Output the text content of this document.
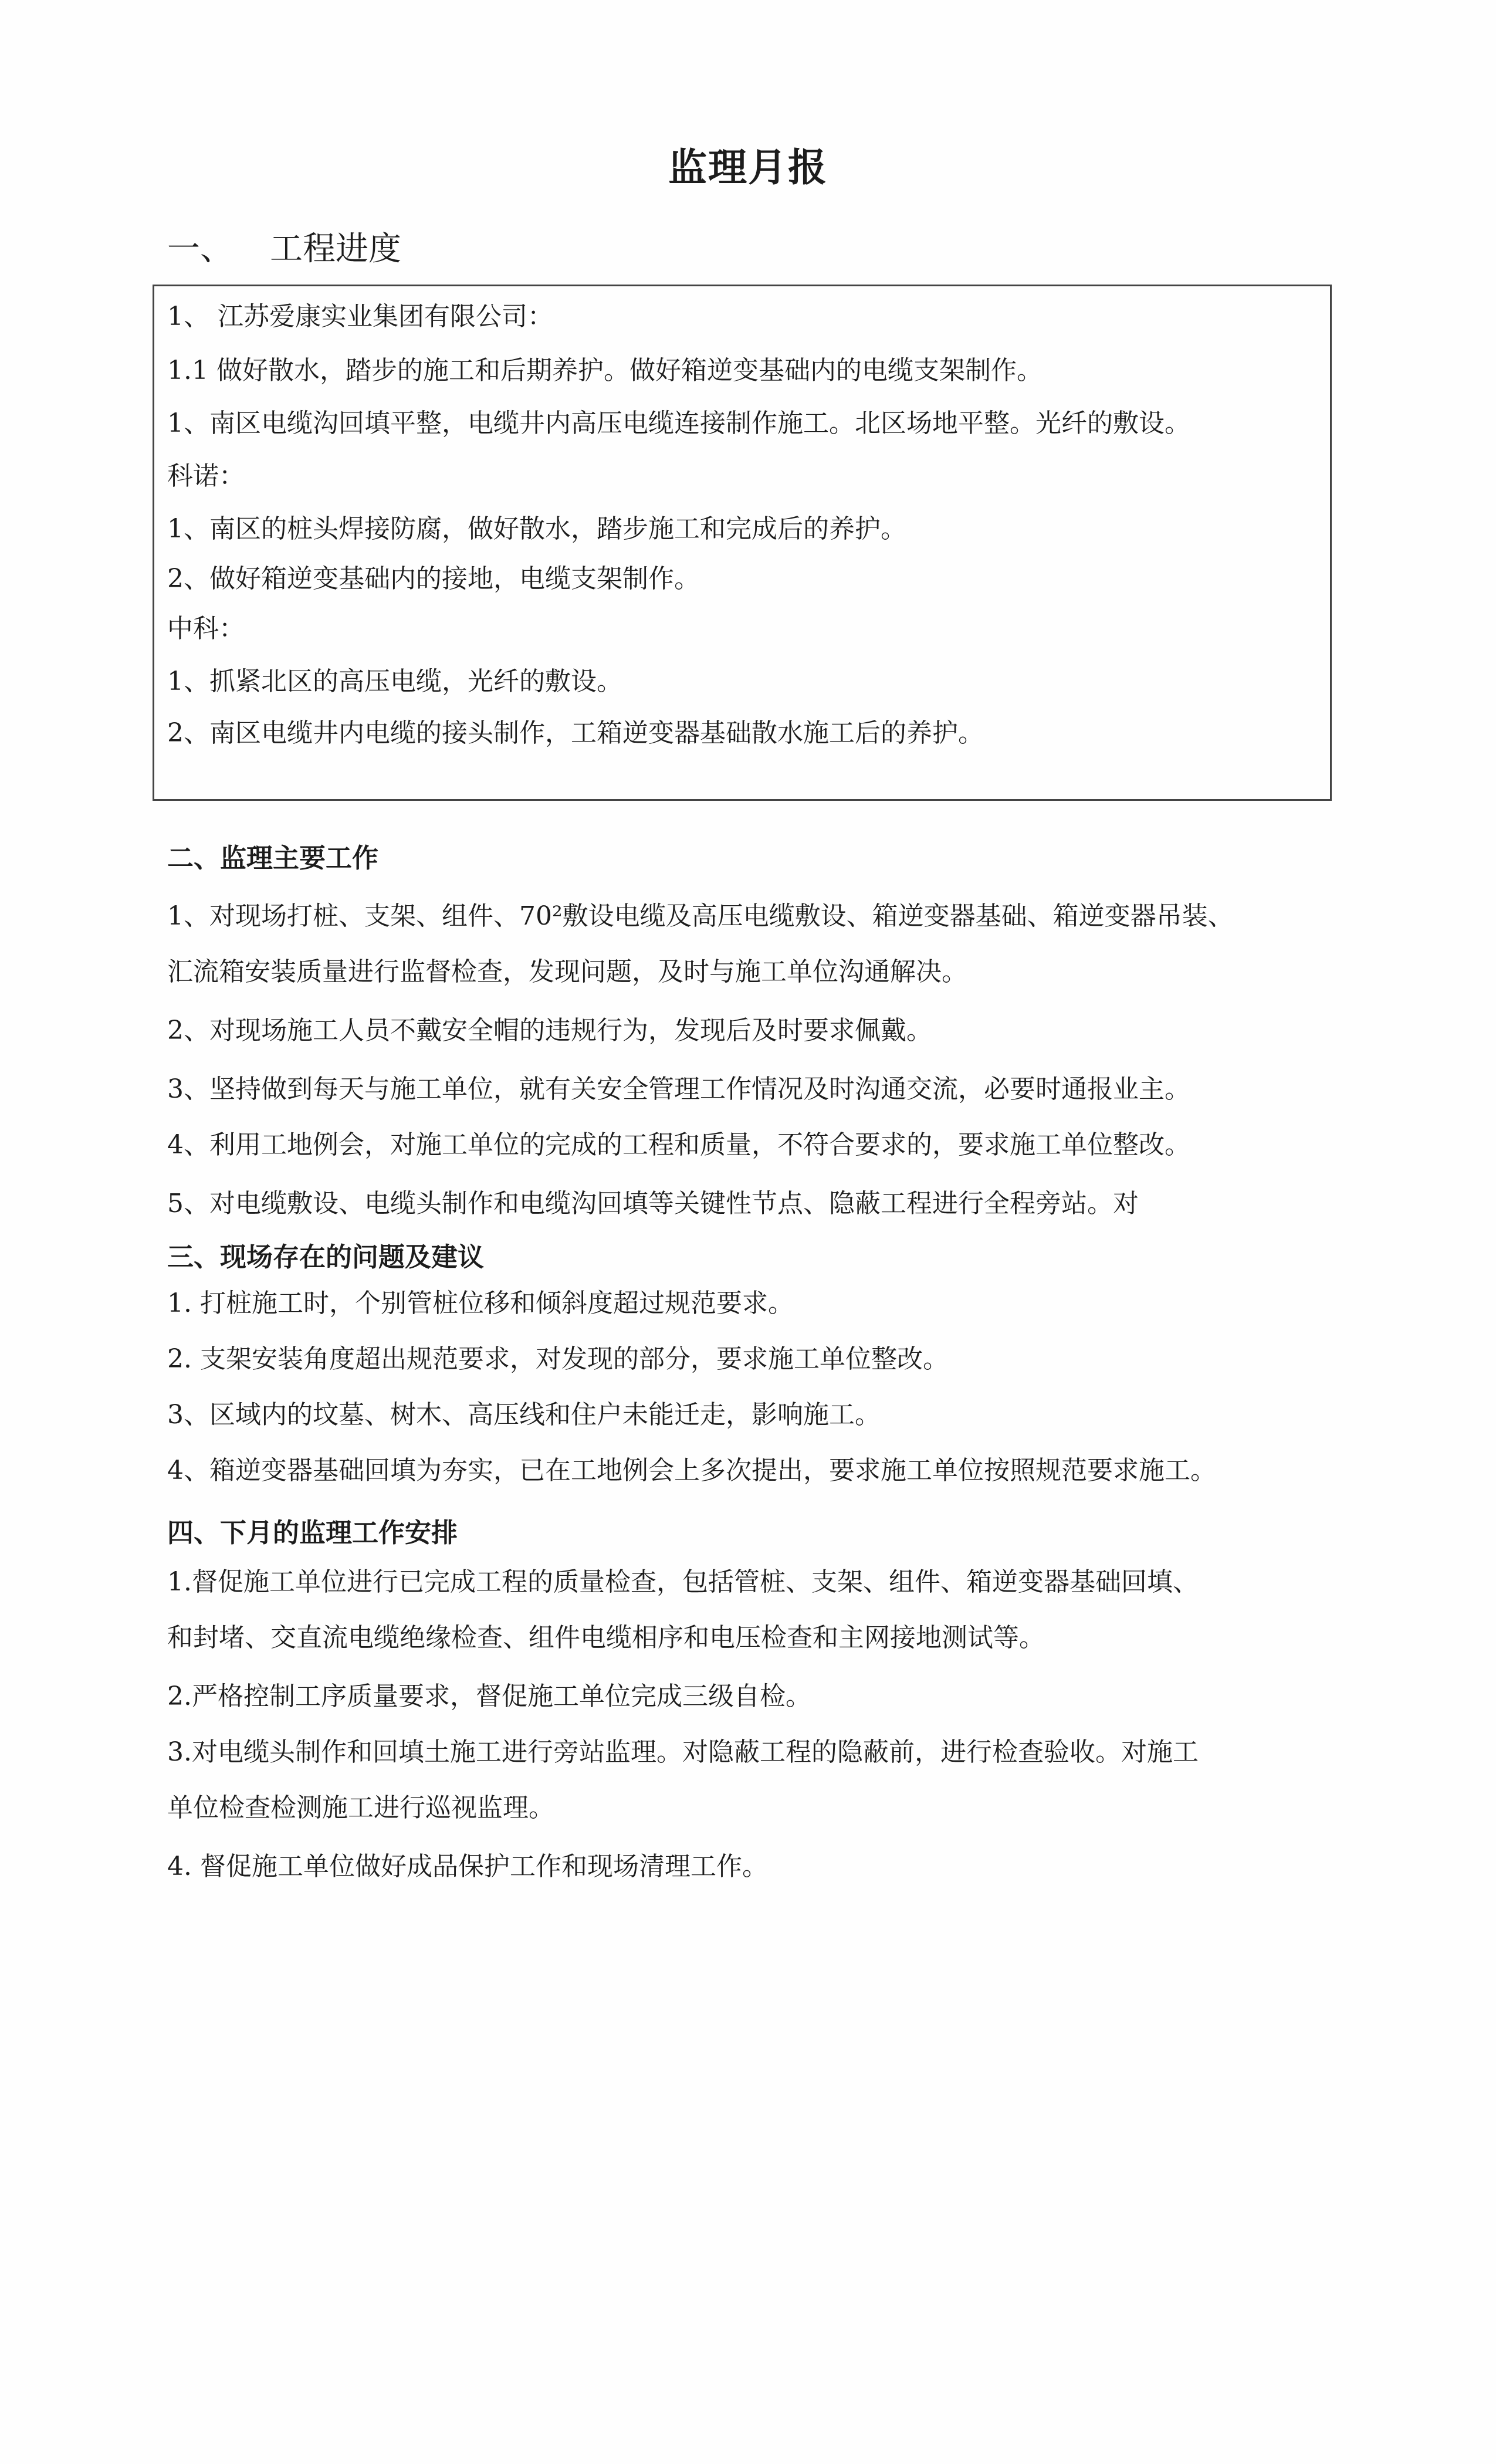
监理月报
一、	工程进度
1、 江苏爱康实业集团有限公司：
1.1 做好散水，踏步的施工和后期养护。做好箱逆变基础内的电缆支架制作。
1、南区电缆沟回填平整，电缆井内高压电缆连接制作施工。北区场地平整。光纤的敷设。
科诺：
1、南区的桩头焊接防腐，做好散水，踏步施工和完成后的养护。
2、做好箱逆变基础内的接地，电缆支架制作。
中科：
1、抓紧北区的高压电缆，光纤的敷设。
2、南区电缆井内电缆的接头制作，工箱逆变器基础散水施工后的养护。
二、监理主要工作
1、对现场打桩、支架、组件、70²敷设电缆及高压电缆敷设、箱逆变器基础、箱逆变器吊装、
汇流箱安装质量进行监督检查，发现问题，及时与施工单位沟通解决。
2、对现场施工人员不戴安全帽的违规行为，发现后及时要求佩戴。
3、坚持做到每天与施工单位，就有关安全管理工作情况及时沟通交流，必要时通报业主。
4、利用工地例会，对施工单位的完成的工程和质量，不符合要求的，要求施工单位整改。
5、对电缆敷设、电缆头制作和电缆沟回填等关键性节点、隐蔽工程进行全程旁站。对
三、现场存在的问题及建议
1. 打桩施工时，个别管桩位移和倾斜度超过规范要求。
2. 支架安装角度超出规范要求，对发现的部分，要求施工单位整改。
3、区域内的坟墓、树木、高压线和住户未能迁走，影响施工。
4、箱逆变器基础回填为夯实，已在工地例会上多次提出，要求施工单位按照规范要求施工。
四、下月的监理工作安排
1.督促施工单位进行已完成工程的质量检查，包括管桩、支架、组件、箱逆变器基础回填、
和封堵、交直流电缆绝缘检查、组件电缆相序和电压检查和主网接地测试等。
2.严格控制工序质量要求，督促施工单位完成三级自检。
3.对电缆头制作和回填土施工进行旁站监理。对隐蔽工程的隐蔽前，进行检查验收。对施工
单位检查检测施工进行巡视监理。
4. 督促施工单位做好成品保护工作和现场清理工作。
